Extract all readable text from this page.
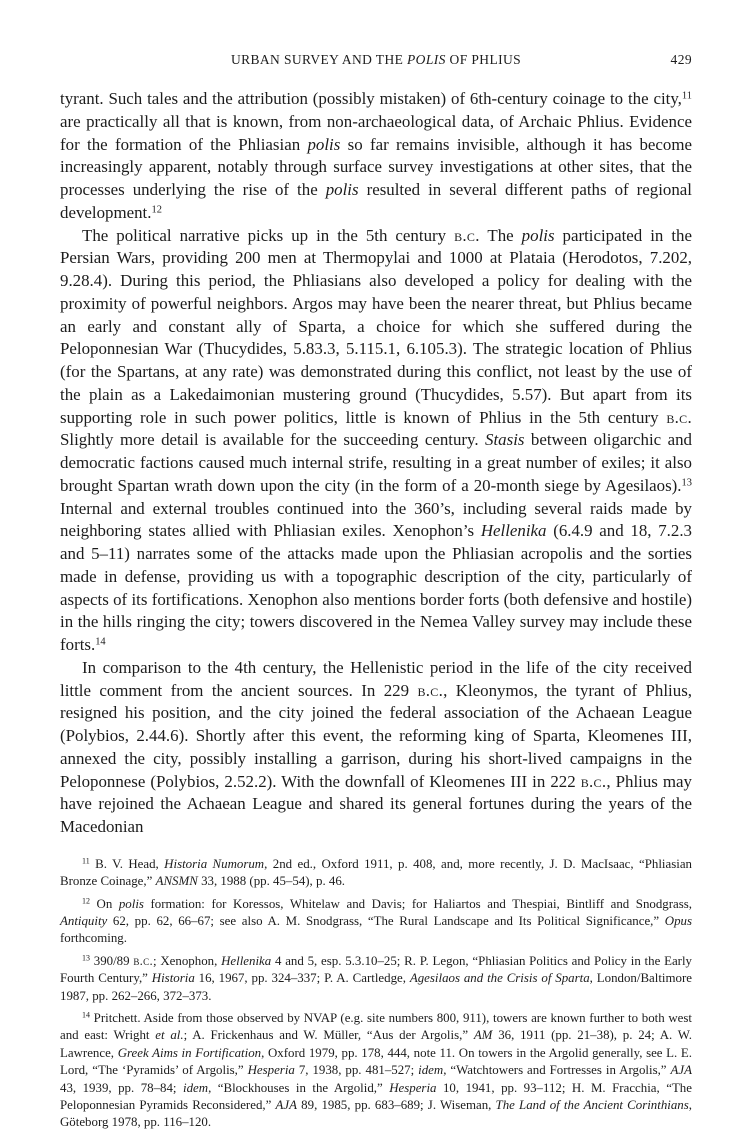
URBAN SURVEY AND THE POLIS OF PHLIUS	429

tyrant. Such tales and the attribution (possibly mistaken) of 6th-century coinage to the city,$^{11}$ are practically all that is known, from non-archaeological data, of Archaic Phlius. Evidence for the formation of the Phliasian polis so far remains invisible, although it has become increasingly apparent, notably through surface survey investigations at other sites, that the processes underlying the rise of the polis resulted in several different paths of regional development.$^{12}$

The political narrative picks up in the 5th century b.c. The polis participated in the Persian Wars, providing 200 men at Thermopylai and 1000 at Plataia (Herodotos, 7.202, 9.28.4). During this period, the Phliasians also developed a policy for dealing with the proximity of powerful neighbors. Argos may have been the nearer threat, but Phlius became an early and constant ally of Sparta, a choice for which she suffered during the Peloponnesian War (Thucydides, 5.83.3, 5.115.1, 6.105.3). The strategic location of Phlius (for the Spartans, at any rate) was demonstrated during this conflict, not least by the use of the plain as a Lakedaimonian mustering ground (Thucydides, 5.57). But apart from its supporting role in such power politics, little is known of Phlius in the 5th century b.c. Slightly more detail is available for the succeeding century. Stasis between oligarchic and democratic factions caused much internal strife, resulting in a great number of exiles; it also brought Spartan wrath down upon the city (in the form of a 20-month siege by Agesilaos).$^{13}$ Internal and external troubles continued into the 360’s, including several raids made by neighboring states allied with Phliasian exiles. Xenophon’s Hellenika (6.4.9 and 18, 7.2.3 and 5–11) narrates some of the attacks made upon the Phliasian acropolis and the sorties made in defense, providing us with a topographic description of the city, particularly of aspects of its fortifications. Xenophon also mentions border forts (both defensive and hostile) in the hills ringing the city; towers discovered in the Nemea Valley survey may include these forts.$^{14}$

In comparison to the 4th century, the Hellenistic period in the life of the city received little comment from the ancient sources. In 229 b.c., Kleonymos, the tyrant of Phlius, resigned his position, and the city joined the federal association of the Achaean League (Polybios, 2.44.6). Shortly after this event, the reforming king of Sparta, Kleomenes III, annexed the city, possibly installing a garrison, during his short-lived campaigns in the Peloponnese (Polybios, 2.52.2). With the downfall of Kleomenes III in 222 b.c., Phlius may have rejoined the Achaean League and shared its general fortunes during the years of the Macedonian

$^{11}$ B. V. Head, Historia Numorum, 2nd ed., Oxford 1911, p. 408, and, more recently, J. D. MacIsaac, “Phliasian Bronze Coinage,” ANSMN 33, 1988 (pp. 45–54), p. 46.

$^{12}$ On polis formation: for Koressos, Whitelaw and Davis; for Haliartos and Thespiai, Bintliff and Snodgrass, Antiquity 62, pp. 62, 66–67; see also A. M. Snodgrass, “The Rural Landscape and Its Political Significance,” Opus forthcoming.

$^{13}$ 390/89 b.c.; Xenophon, Hellenika 4 and 5, esp. 5.3.10–25; R. P. Legon, “Phliasian Politics and Policy in the Early Fourth Century,” Historia 16, 1967, pp. 324–337; P. A. Cartledge, Agesilaos and the Crisis of Sparta, London/Baltimore 1987, pp. 262–266, 372–373.

$^{14}$ Pritchett. Aside from those observed by NVAP (e.g. site numbers 800, 911), towers are known further to both west and east: Wright et al.; A. Frickenhaus and W. Müller, “Aus der Argolis,” AM 36, 1911 (pp. 21–38), p. 24; A. W. Lawrence, Greek Aims in Fortification, Oxford 1979, pp. 178, 444, note 11. On towers in the Argolid generally, see L. E. Lord, “The ‘Pyramids’ of Argolis,” Hesperia 7, 1938, pp. 481–527; idem, “Watchtowers and Fortresses in Argolis,” AJA 43, 1939, pp. 78–84; idem, “Blockhouses in the Argolid,” Hesperia 10, 1941, pp. 93–112; H. M. Fracchia, “The Peloponnesian Pyramids Reconsidered,” AJA 89, 1985, pp. 683–689; J. Wiseman, The Land of the Ancient Corinthians, Göteborg 1978, pp. 116–120.
